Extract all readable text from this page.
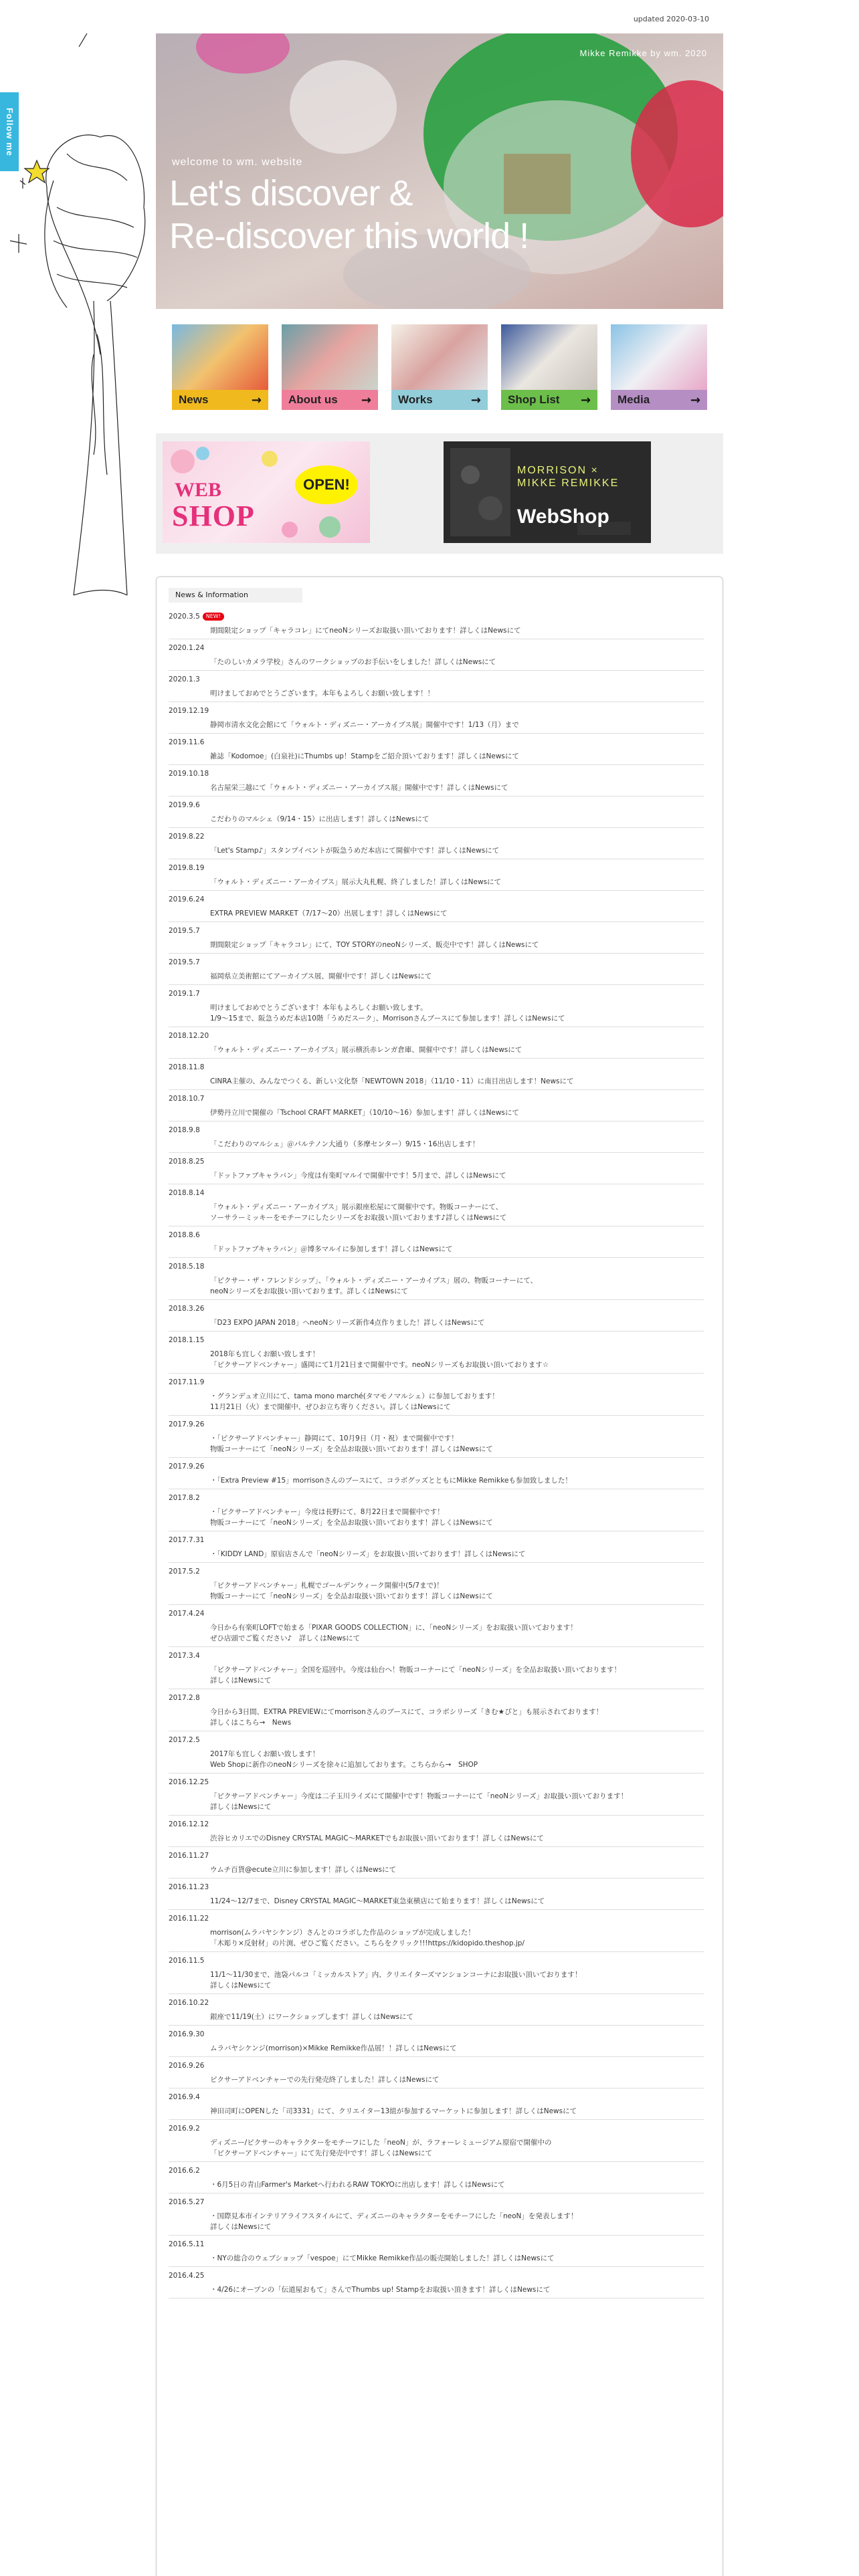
updated 2020-03-10
Follow me
Mikke Remikke by wm. 2020
welcome to wm. website
Let's discover &
Re-discover this world !
News	→ About us → Works	→ Shop List → Media	→
WEB
SHOP
OPEN!
MORRISON ×
MIKKE REMIKKE
WebShop
News & Information
2020.3.5	NEW!
期間限定ショップ「キャラコレ」にてneoNシリーズお取扱い頂いております！詳しくはNewsにて
2020.1.24
「たのしいカメラ学校」さんのワークショップのお手伝いをしました！詳しくはNewsにて
2020.1.3
明けましておめでとうございます。本年もよろしくお願い致します！！
2019.12.19
静岡市清水文化会館にて「ウォルト・ディズニー・アーカイブス展」開催中です！1/13（月）まで
2019.11.6
雑誌「Kodomoe」(白泉社)にThumbs up！Stampをご紹介頂いております！詳しくはNewsにて
2019.10.18
名古屋栄三越にて「ウォルト・ディズニー・アーカイブス展」開催中です！詳しくはNewsにて
2019.9.6
こだわりのマルシェ（9/14・15）に出店します！詳しくはNewsにて
2019.8.22
「Let's Stamp♪」スタンプイベントが阪急うめだ本店にて開催中です！詳しくはNewsにて
2019.8.19
「ウォルト・ディズニー・アーカイブス」展示大丸札幌、終了しました！詳しくはNewsにて
2019.6.24
EXTRA PREVIEW MARKET（7/17〜20）出展します！詳しくはNewsにて
2019.5.7
期間限定ショップ「キャラコレ」にて、TOY STORYのneoNシリーズ、販売中です！詳しくはNewsにて
2019.5.7
福岡県立美術館にてアーカイブス展、開催中です！詳しくはNewsにて
2019.1.7
明けましておめでとうございます！本年もよろしくお願い致します。
1/9〜15まで、阪急うめだ本店10階「うめだスーク」、Morrisonさんブースにて参加します！詳しくはNewsにて
2018.12.20
「ウォルト・ディズニー・アーカイブス」展示横浜赤レンガ倉庫、開催中です！詳しくはNewsにて
2018.11.8
CINRA主催の、みんなでつくる、新しい文化祭「NEWTOWN 2018」（11/10・11）に南目出店します！Newsにて
2018.10.7
伊勢丹立川で開催の「Tschool CRAFT MARKET」（10/10〜16）参加します！詳しくはNewsにて
2018.9.8
「こだわりのマルシェ」＠パルテノン大通り（多摩センター）9/15・16出店します！
2018.8.25
「ドットファブキャラバン」今度は有楽町マルイで開催中です！5月まで、詳しくはNewsにて
2018.8.14
「ウォルト・ディズニー・アーカイブス」展示銀座松屋にて開催中です。物販コーナーにて、
ソーサラーミッキーをモチーフにしたシリーズをお取扱い頂いております♪詳しくはNewsにて
2018.8.6
「ドットファブキャラバン」＠博多マルイに参加します！詳しくはNewsにて
2018.5.18
「ピクサー・ザ・フレンドシップ」、「ウォルト・ディズニー・アーカイブス」展の、物販コーナーにて、
neoNシリーズをお取扱い頂いております。詳しくはNewsにて
2018.3.26
「D23 EXPO JAPAN 2018」へneoNシリーズ新作4点作りました！詳しくはNewsにて
2018.1.15
2018年も宜しくお願い致します！
「ピクサーアドベンチャー」盛岡にて1月21日まで開催中です。neoNシリーズもお取扱い頂いております☆
2017.11.9
・グランデュオ立川にて、tama mono marché(タマモノマルシェ）に参加しております！
11月21日（火）まで開催中、ぜひお立ち寄りください。詳しくはNewsにて
2017.9.26
・「ピクサーアドベンチャー」静岡にて、10月9日（月・祝）まで開催中です！
物販コーナーにて「neoNシリーズ」を全品お取扱い頂いております！詳しくはNewsにて
2017.9.26
・「Extra Preview #15」morrisonさんのブースにて、コラボグッズとともにMikke Remikkeも参加致しました！
2017.8.2
・「ピクサーアドベンチャー」今度は長野にて、8月22日まで開催中です！
物販コーナーにて「neoNシリーズ」を全品お取扱い頂いております！詳しくはNewsにて
2017.7.31
・「KIDDY LAND」原宿店さんで「neoNシリーズ」をお取扱い頂いております！詳しくはNewsにて
2017.5.2
「ピクサーアドベンチャー」札幌でゴールデンウィーク開催中(5/7まで)！
物販コーナーにて「neoNシリーズ」を全品お取扱い頂いております！詳しくはNewsにて
2017.4.24
今日から有楽町LOFTで始まる「PIXAR GOODS COLLECTION」に、「neoNシリーズ」をお取扱い頂いております！
ぜひ店頭でご覧ください♪　詳しくはNewsにて
2017.3.4
「ピクサーアドベンチャー」全国を巡回中。今度は仙台へ！物販コーナーにて「neoNシリーズ」を全品お取扱い頂いております！
詳しくはNewsにて
2017.2.8
今日から3日間、EXTRA PREVIEWにてmorrisonさんのブースにて、コラボシリーズ「きむ★ぴと」も展示されております！
詳しくはこちら→　News
2017.2.5
2017年も宜しくお願い致します！
Web Shopに新作のneoNシリーズを徐々に追加しております。こちらから→　SHOP
2016.12.25
「ピクサーアドベンチャー」今度は二子玉川ライズにて開催中です！物販コーナーにて「neoNシリーズ」お取扱い頂いております！
詳しくはNewsにて
2016.12.12
渋谷ヒカリエでのDisney CRYSTAL MAGIC～MARKETでもお取扱い頂いております！詳しくはNewsにて
2016.11.27
ウムチ百貨@ecute立川に参加します！詳しくはNewsにて
2016.11.23
11/24〜12/7まで、Disney CRYSTAL MAGIC～MARKET東急東横店にて始まります！詳しくはNewsにて
2016.11.22
morrison(ムラバヤシケンジ）さんとのコラボした作品のショップが完成しました！
「木彫り×反射材」の片渕、ぜひご覧ください。こちらをクリック!!!https://kidopido.theshop.jp/
2016.11.5
11/1〜11/30まで、池袋パルコ「ミッカルストア」内、クリエイターズマンションコーナにお取扱い頂いております！
詳しくはNewsにて
2016.10.22
銀座で11/19(土）にワークショップします！詳しくはNewsにて
2016.9.30
ムラバヤシケンジ(morrison)×Mikke Remikke作品展！！詳しくはNewsにて
2016.9.26
ピクサーアドベンチャーでの先行発売終了しました！詳しくはNewsにて
2016.9.4
神田司町にOPENした「司3331」にて、クリエイター13組が参加するマーケットに参加します！詳しくはNewsにて
2016.9.2
ディズニー/ピクサーのキャラクターをモチーフにした「neoN」が、ラフォーレミュージアム原宿で開催中の
「ピクサーアドベンチャー」にて先行発売中です！詳しくはNewsにて
2016.6.2
・6月5日の青山Farmer's Marketへ行われるRAW TOKYOに出店します！詳しくはNewsにて
2016.5.27
・国際見本市インテリアライフスタイルにて、ディズニーのキャラクターをモチーフにした「neoN」を発表します！
詳しくはNewsにて
2016.5.11
・NYの総合のウェブショップ「vespoe」にてMikke Remikke作品の販売開始しました！詳しくはNewsにて
2016.4.25
・4/26にオープンの「伝道屋おもて」さんでThumbs up! Stampをお取扱い頂きます！詳しくはNewsにて
